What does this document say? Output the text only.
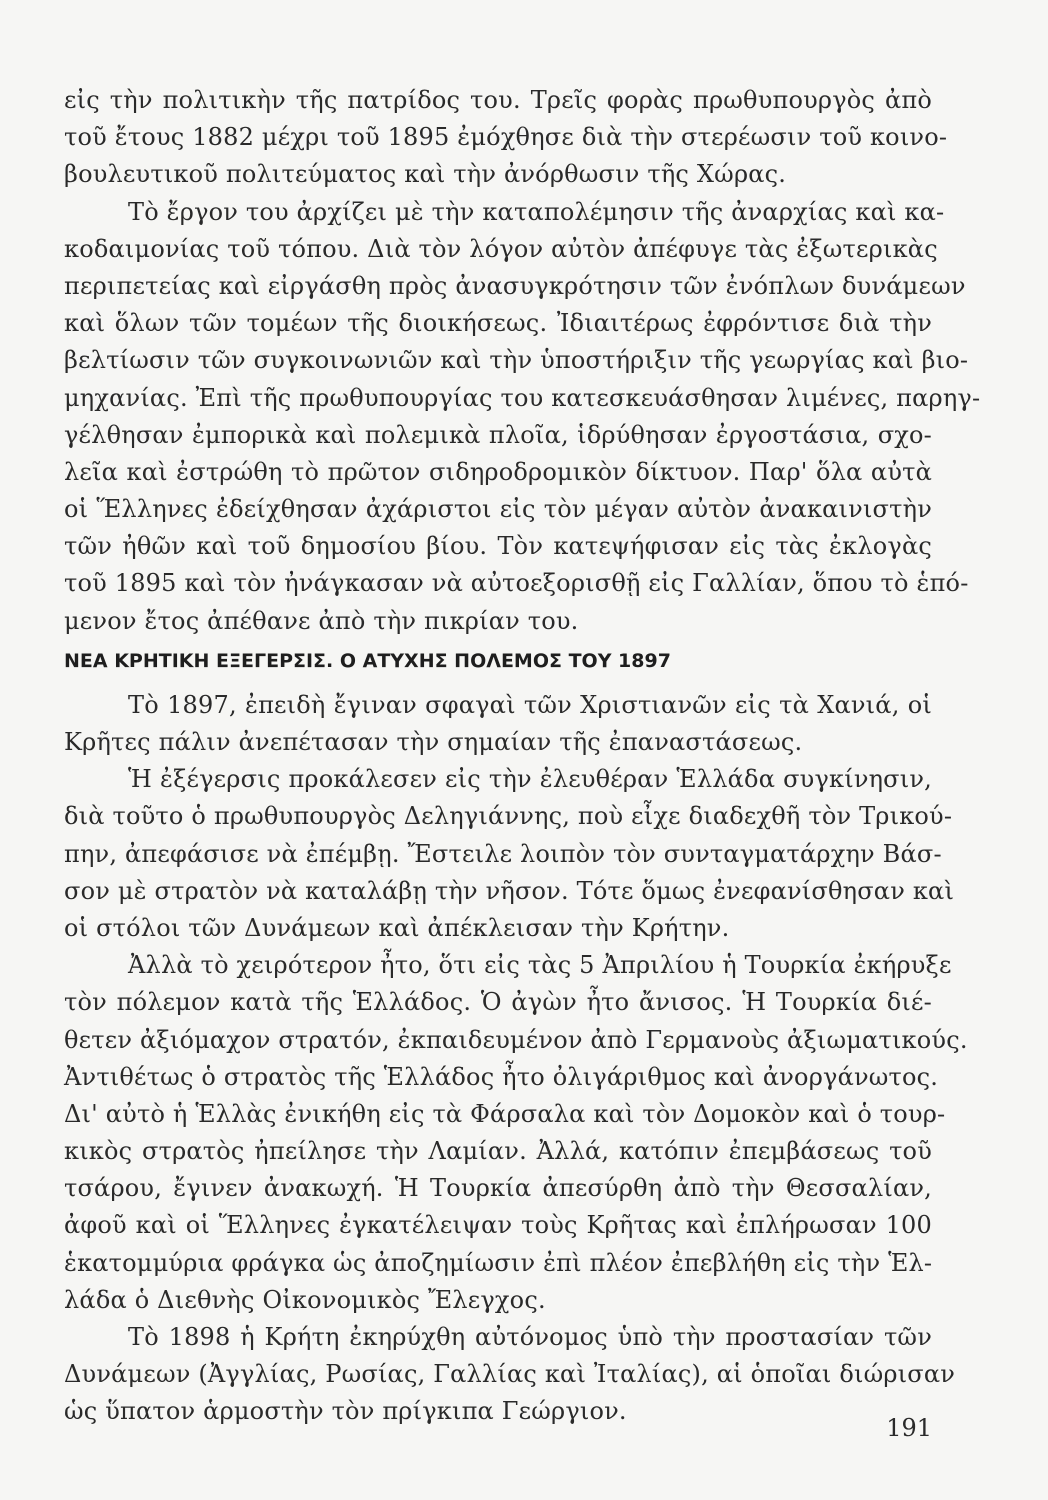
εἰς τὴν πολιτικὴν τῆς πατρίδος του. Τρεῖς φορὰς πρωθυπουργὸς ἀπὸ
τοῦ ἔτους 1882 μέχρι τοῦ 1895 ἐμόχθησε διὰ τὴν στερέωσιν τοῦ κοινο-
βουλευτικοῦ πολιτεύματος καὶ τὴν ἀνόρθωσιν τῆς Χώρας.
Τὸ ἔργον του ἀρχίζει μὲ τὴν καταπολέμησιν τῆς ἀναρχίας καὶ κα-
κοδαιμονίας τοῦ τόπου. Διὰ τὸν λόγον αὐτὸν ἀπέφυγε τὰς ἐξωτερικὰς
περιπετείας καὶ εἰργάσθη πρὸς ἀνασυγκρότησιν τῶν ἐνόπλων δυνάμεων
καὶ ὅλων τῶν τομέων τῆς διοικήσεως. Ἰδιαιτέρως ἐφρόντισε διὰ τὴν
βελτίωσιν τῶν συγκοινωνιῶν καὶ τὴν ὑποστήριξιν τῆς γεωργίας καὶ βιο-
μηχανίας. Ἐπὶ τῆς πρωθυπουργίας του κατεσκευάσθησαν λιμένες, παρηγ-
γέλθησαν ἐμπορικὰ καὶ πολεμικὰ πλοῖα, ἱδρύθησαν ἐργοστάσια, σχο-
λεῖα καὶ ἐστρώθη τὸ πρῶτον σιδηροδρομικὸν δίκτυον. Παρ' ὅλα αὐτὰ
οἱ Ἕλληνες ἐδείχθησαν ἀχάριστοι εἰς τὸν μέγαν αὐτὸν ἀνακαινιστὴν
τῶν ἠθῶν καὶ τοῦ δημοσίου βίου. Τὸν κατεψήφισαν εἰς τὰς ἐκλογὰς
τοῦ 1895 καὶ τὸν ἠνάγκασαν νὰ αὐτοεξορισθῇ εἰς Γαλλίαν, ὅπου τὸ ἑπό-
μενον ἔτος ἀπέθανε ἀπὸ τὴν πικρίαν του.
ΝΕΑ ΚΡΗΤΙΚΗ ΕΞΕΓΕΡΣΙΣ. Ο ΑΤΥΧΗΣ ΠΟΛΕΜΟΣ ΤΟΥ 1897
Τὸ 1897, ἐπειδὴ ἔγιναν σφαγαὶ τῶν Χριστιανῶν εἰς τὰ Χανιά, οἱ
Κρῆτες πάλιν ἀνεπέτασαν τὴν σημαίαν τῆς ἐπαναστάσεως.
Ἡ ἐξέγερσις προκάλεσεν εἰς τὴν ἐλευθέραν Ἑλλάδα συγκίνησιν,
διὰ τοῦτο ὁ πρωθυπουργὸς Δεληγιάννης, ποὺ εἶχε διαδεχθῆ τὸν Τρικού-
πην, ἀπεφάσισε νὰ ἐπέμβῃ. Ἔστειλε λοιπὸν τὸν συνταγματάρχην Βάσ-
σον μὲ στρατὸν νὰ καταλάβῃ τὴν νῆσον. Τότε ὅμως ἐνεφανίσθησαν καὶ
οἱ στόλοι τῶν Δυνάμεων καὶ ἀπέκλεισαν τὴν Κρήτην.
Ἀλλὰ τὸ χειρότερον ἦτο, ὅτι εἰς τὰς 5 Ἀπριλίου ἡ Τουρκία ἐκήρυξε
τὸν πόλεμον κατὰ τῆς Ἑλλάδος. Ὁ ἀγὼν ἦτο ἄνισος. Ἡ Τουρκία διέ-
θετεν ἀξιόμαχον στρατόν, ἐκπαιδευμένον ἀπὸ Γερμανοὺς ἀξιωματικούς.
Ἀντιθέτως ὁ στρατὸς τῆς Ἑλλάδος ἦτο ὀλιγάριθμος καὶ ἀνοργάνωτος.
Δι' αὐτὸ ἡ Ἑλλὰς ἐνικήθη εἰς τὰ Φάρσαλα καὶ τὸν Δομοκὸν καὶ ὁ τουρ-
κικὸς στρατὸς ἠπείλησε τὴν Λαμίαν. Ἀλλά, κατόπιν ἐπεμβάσεως τοῦ
τσάρου, ἔγινεν ἀνακωχή. Ἡ Τουρκία ἀπεσύρθη ἀπὸ τὴν Θεσσαλίαν,
ἀφοῦ καὶ οἱ Ἕλληνες ἐγκατέλειψαν τοὺς Κρῆτας καὶ ἐπλήρωσαν 100
ἑκατομμύρια φράγκα ὡς ἀποζημίωσιν ἐπὶ πλέον ἐπεβλήθη εἰς τὴν Ἑλ-
λάδα ὁ Διεθνὴς Οἰκονομικὸς Ἔλεγχος.
Τὸ 1898 ἡ Κρήτη ἐκηρύχθη αὐτόνομος ὑπὸ τὴν προστασίαν τῶν
Δυνάμεων (Ἀγγλίας, Ρωσίας, Γαλλίας καὶ Ἰταλίας), αἱ ὁποῖαι διώρισαν
ὡς ὕπατον ἁρμοστὴν τὸν πρίγκιπα Γεώργιον.
191
